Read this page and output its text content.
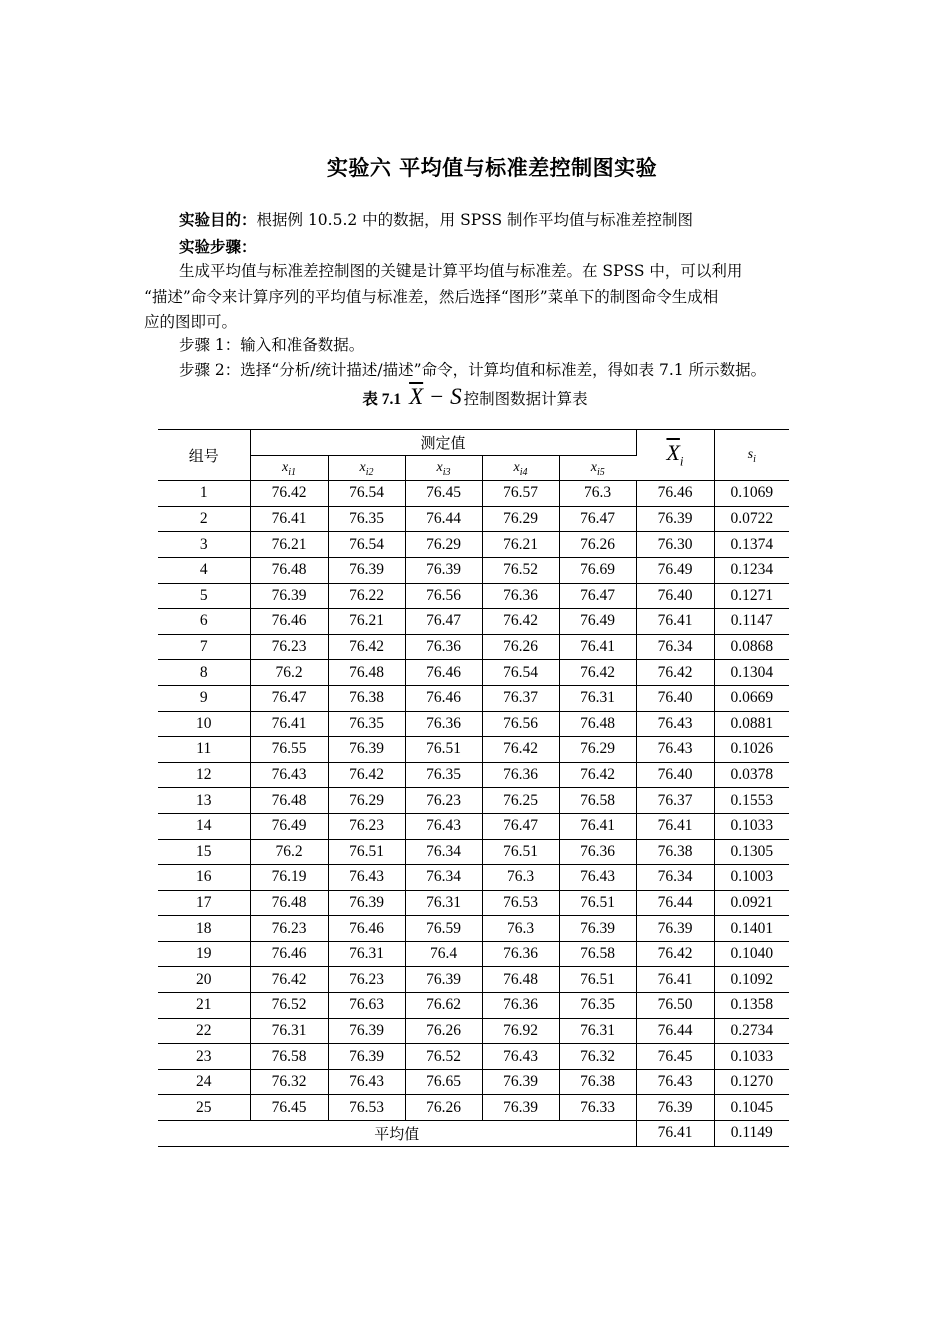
实验六 平均值与标准差控制图实验
实验目的：根据例 10.5.2 中的数据，用 SPSS 制作平均值与标准差控制图
实验步骤：
生成平均值与标准差控制图的关键是计算平均值与标准差。在 SPSS 中，可以利用
“描述”命令来计算序列的平均值与标准差，然后选择“图形”菜单下的制图命令生成相
应的图即可。
步骤 1：输入和准备数据。
步骤 2：选择“分析/统计描述/描述”命令，计算均值和标准差，得如表 7.1 所示数据。
表 7.1 $\overline{X} - S$ 控制图数据计算表
组号	测定值					$\overline{X}_i$	$s_i$
	$x_{i1}$	$x_{i2}$	$x_{i3}$	$x_{i4}$	$x_{i5}$
1	76.42	76.54	76.45	76.57	76.3	76.46	0.1069
2	76.41	76.35	76.44	76.29	76.47	76.39	0.0722
3	76.21	76.54	76.29	76.21	76.26	76.30	0.1374
4	76.48	76.39	76.39	76.52	76.69	76.49	0.1234
5	76.39	76.22	76.56	76.36	76.47	76.40	0.1271
6	76.46	76.21	76.47	76.42	76.49	76.41	0.1147
7	76.23	76.42	76.36	76.26	76.41	76.34	0.0868
8	76.2	76.48	76.46	76.54	76.42	76.42	0.1304
9	76.47	76.38	76.46	76.37	76.31	76.40	0.0669
10	76.41	76.35	76.36	76.56	76.48	76.43	0.0881
11	76.55	76.39	76.51	76.42	76.29	76.43	0.1026
12	76.43	76.42	76.35	76.36	76.42	76.40	0.0378
13	76.48	76.29	76.23	76.25	76.58	76.37	0.1553
14	76.49	76.23	76.43	76.47	76.41	76.41	0.1033
15	76.2	76.51	76.34	76.51	76.36	76.38	0.1305
16	76.19	76.43	76.34	76.3	76.43	76.34	0.1003
17	76.48	76.39	76.31	76.53	76.51	76.44	0.0921
18	76.23	76.46	76.59	76.3	76.39	76.39	0.1401
19	76.46	76.31	76.4	76.36	76.58	76.42	0.1040
20	76.42	76.23	76.39	76.48	76.51	76.41	0.1092
21	76.52	76.63	76.62	76.36	76.35	76.50	0.1358
22	76.31	76.39	76.26	76.92	76.31	76.44	0.2734
23	76.58	76.39	76.52	76.43	76.32	76.45	0.1033
24	76.32	76.43	76.65	76.39	76.38	76.43	0.1270
25	76.45	76.53	76.26	76.39	76.33	76.39	0.1045
平均值						76.41	0.1149
